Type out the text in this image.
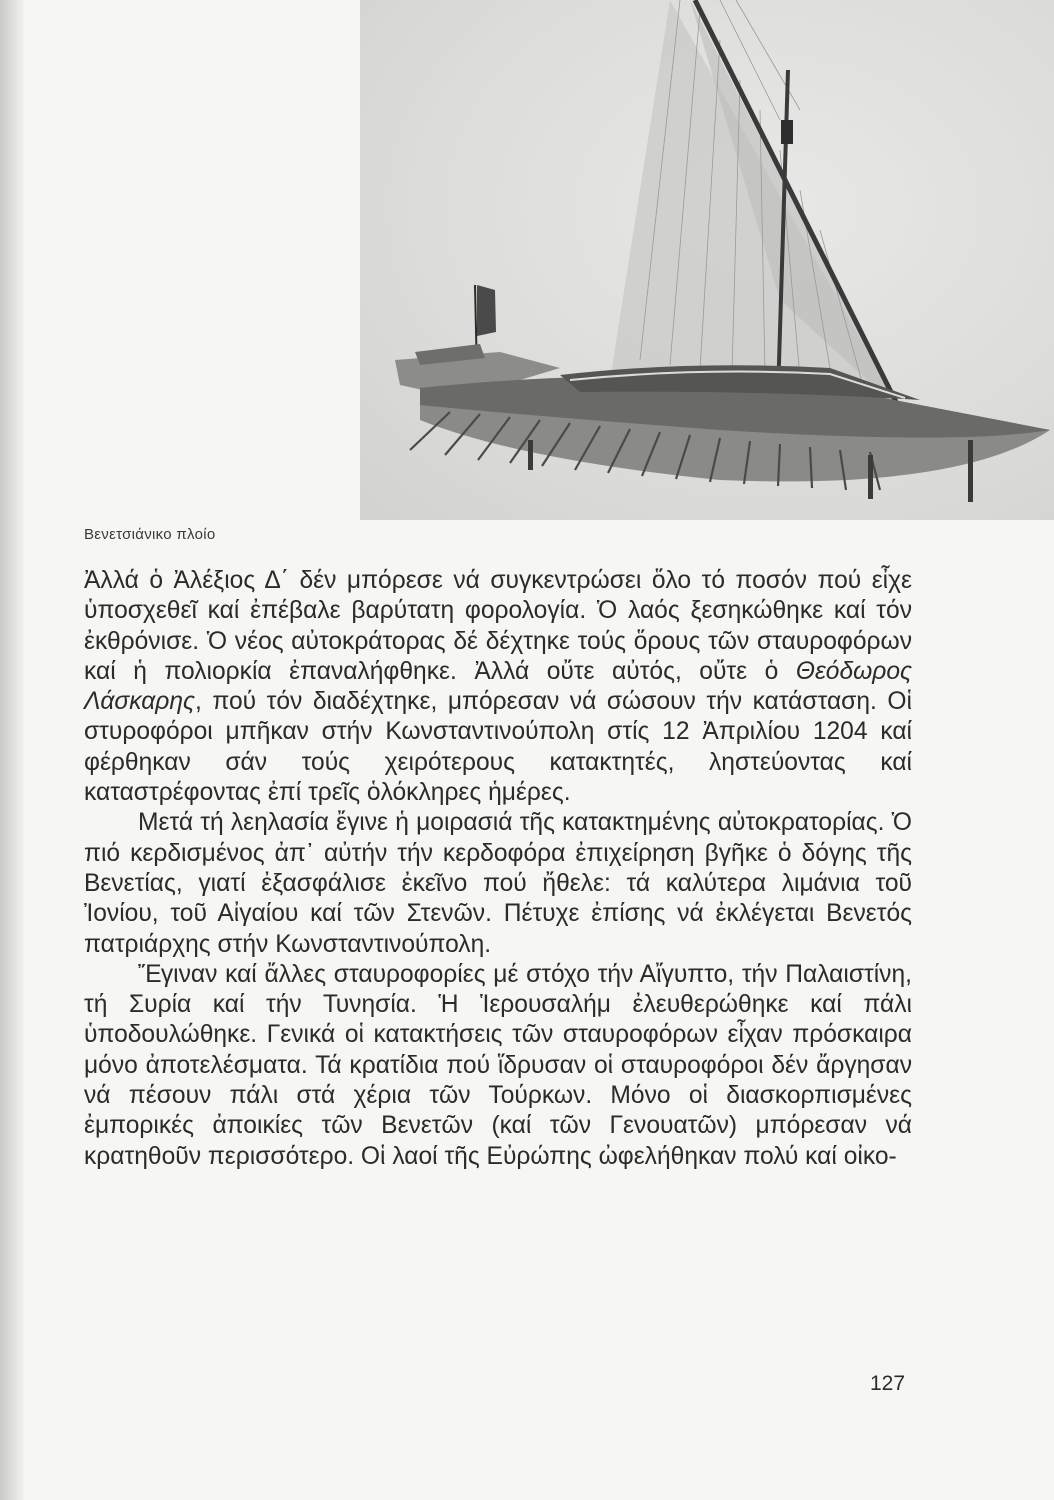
Βενετσιάνικο πλοίο

Ἀλλά ὁ Ἀλέξιος Δ΄ δέν μπόρεσε νά συγκεντρώσει ὅλο τό ποσόν πού εἶχε ὑποσχεθεῖ καί ἐπέβαλε βαρύτατη φορολογία. Ὁ λαός ξεσηκώθηκε καί τόν ἐκθρόνισε. Ὁ νέος αὐτοκράτορας δέ δέχτηκε τούς ὅρους τῶν σταυροφόρων καί ἡ πολιορκία ἐπαναλήφθηκε. Ἀλλά οὔτε αὐτός, οὔτε ὁ Θεόδωρος Λάσκαρης, πού τόν διαδέχτηκε, μπόρεσαν νά σώσουν τήν κατάσταση. Οἱ στυροφόροι μπῆκαν στήν Κωνσταντινούπολη στίς 12 Ἀπριλίου 1204 καί φέρθηκαν σάν τούς χειρότερους κατακτητές, ληστεύοντας καί καταστρέφοντας ἐπί τρεῖς ὁλόκληρες ἡμέρες.

Μετά τή λεηλασία ἔγινε ἡ μοιρασιά τῆς κατακτημένης αὐτοκρατορίας. Ὁ πιό κερδισμένος ἀπ᾿ αὐτήν τήν κερδοφόρα ἐπιχείρηση βγῆκε ὁ δόγης τῆς Βενετίας, γιατί ἐξασφάλισε ἐκεῖνο πού ἤθελε: τά καλύτερα λιμάνια τοῦ Ἰονίου, τοῦ Αἰγαίου καί τῶν Στενῶν. Πέτυχε ἐπίσης νά ἐκλέγεται Βενετός πατριάρχης στήν Κωνσταντινούπολη.

Ἔγιναν καί ἄλλες σταυροφορίες μέ στόχο τήν Αἴγυπτο, τήν Παλαιστίνη, τή Συρία καί τήν Τυνησία. Ἡ Ἱερουσαλήμ ἐλευθερώθηκε καί πάλι ὑποδουλώθηκε. Γενικά οἱ κατακτήσεις τῶν σταυροφόρων εἶχαν πρόσκαιρα μόνο ἀποτελέσματα. Τά κρατίδια πού ἵδρυσαν οἱ σταυροφόροι δέν ἄργησαν νά πέσουν πάλι στά χέρια τῶν Τούρκων. Μόνο οἱ διασκορπισμένες ἐμπορικές ἀποικίες τῶν Βενετῶν (καί τῶν Γενουατῶν) μπόρεσαν νά κρατηθοῦν περισσότερο. Οἱ λαοί τῆς Εὐρώπης ὠφελήθηκαν πολύ καί οἰκο-

127
